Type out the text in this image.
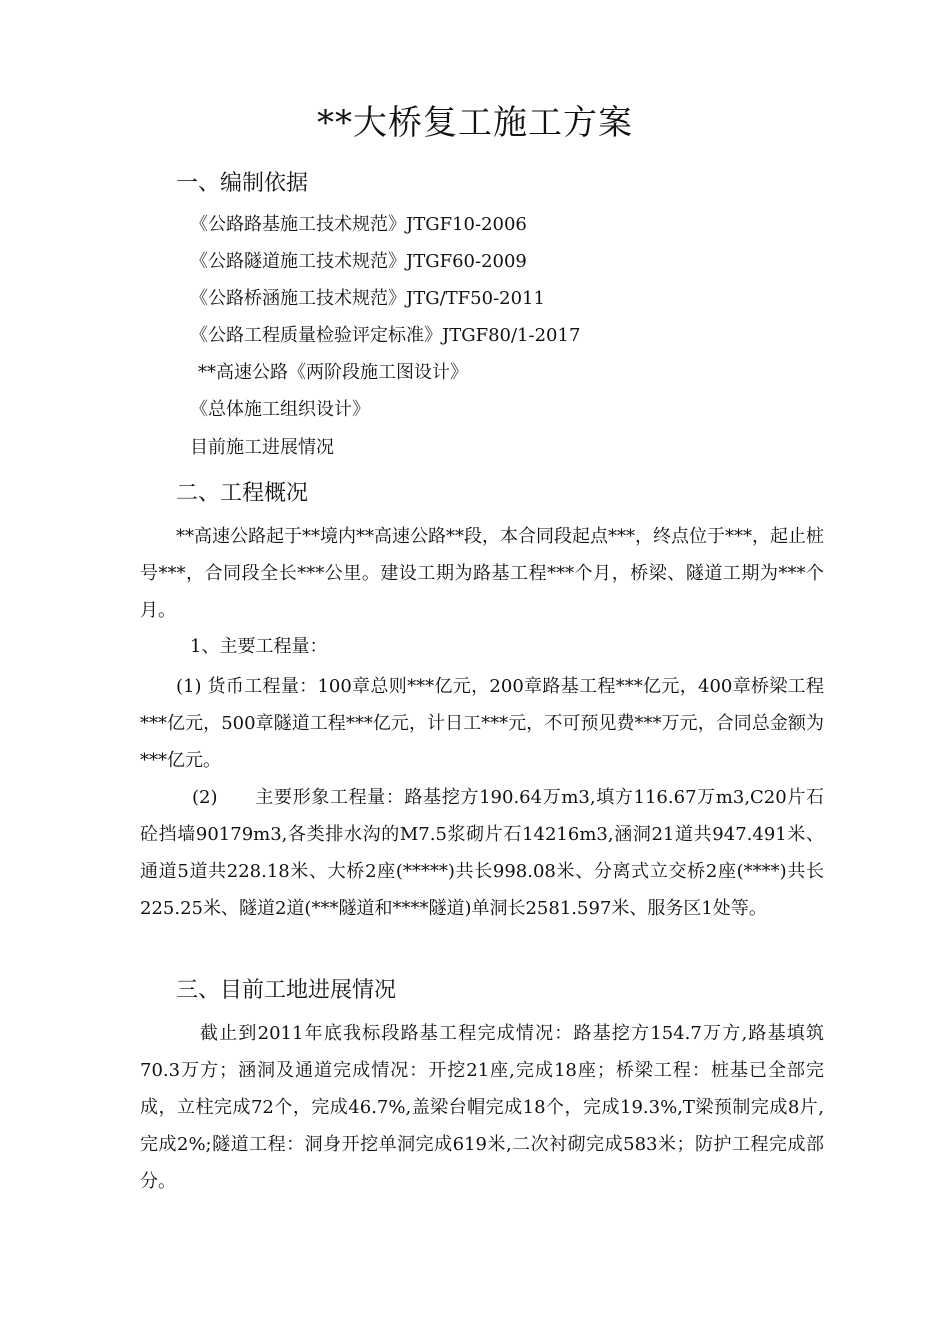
**大桥复工施工方案
一、编制依据
《公路路基施工技术规范》JTGF10-2006
《公路隧道施工技术规范》JTGF60-2009
《公路桥涵施工技术规范》JTG/TF50-2011
《公路工程质量检验评定标准》JTGF80/1-2017
**高速公路《两阶段施工图设计》
《总体施工组织设计》
目前施工进展情况
二、工程概况

**高速公路起于**境内**高速公路**段，本合同段起点***，终点位于***，起止桩号***，合同段全长***公里。建设工期为路基工程***个月，桥梁、隧道工期为***个月。

1、主要工程量：

(1) 货币工程量：100章总则***亿元，200章路基工程***亿元，400章桥梁工程***亿元，500章隧道工程***亿元，计日工***元，不可预见费***万元，合同总金额为***亿元。

(2)　　主要形象工程量：路基挖方190.64万m3,填方116.67万m3,C20片石砼挡墙90179m3,各类排水沟的M7.5浆砌片石14216m3,涵洞21道共947.491米、通道5道共228.18米、大桥2座(*****)共长998.08米、分离式立交桥2座(****)共长225.25米、隧道2道(***隧道和****隧道)单洞长2581.597米、服务区1处等。

三、目前工地进展情况

截止到2011年底我标段路基工程完成情况：路基挖方154.7万方,路基填筑70.3万方；涵洞及通道完成情况：开挖21座,完成18座；桥梁工程：桩基已全部完成，立柱完成72个，完成46.7%,盖梁台帽完成18个，完成19.3%,T梁预制完成8片,完成2%;隧道工程：洞身开挖单洞完成619米,二次衬砌完成583米；防护工程完成部分。
